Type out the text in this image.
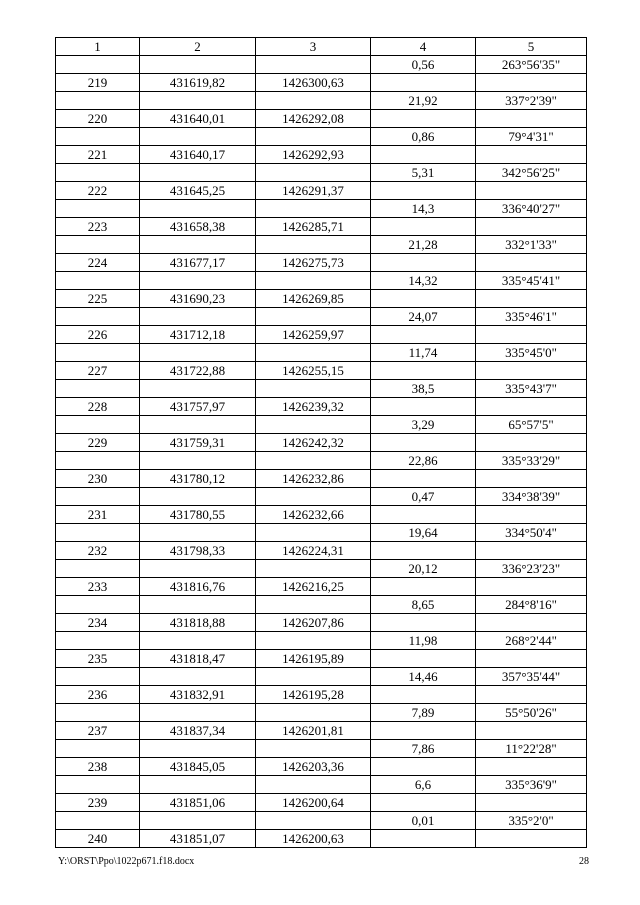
1	2	3	4	5
			0,56	263°56'35"
219	431619,82	1426300,63		
			21,92	337°2'39"
220	431640,01	1426292,08		
			0,86	79°4'31"
221	431640,17	1426292,93		
			5,31	342°56'25"
222	431645,25	1426291,37		
			14,3	336°40'27"
223	431658,38	1426285,71		
			21,28	332°1'33"
224	431677,17	1426275,73		
			14,32	335°45'41"
225	431690,23	1426269,85		
			24,07	335°46'1"
226	431712,18	1426259,97		
			11,74	335°45'0"
227	431722,88	1426255,15		
			38,5	335°43'7"
228	431757,97	1426239,32		
			3,29	65°57'5"
229	431759,31	1426242,32		
			22,86	335°33'29"
230	431780,12	1426232,86		
			0,47	334°38'39"
231	431780,55	1426232,66		
			19,64	334°50'4"
232	431798,33	1426224,31		
			20,12	336°23'23"
233	431816,76	1426216,25		
			8,65	284°8'16"
234	431818,88	1426207,86		
			11,98	268°2'44"
235	431818,47	1426195,89		
			14,46	357°35'44"
236	431832,91	1426195,28		
			7,89	55°50'26"
237	431837,34	1426201,81		
			7,86	11°22'28"
238	431845,05	1426203,36		
			6,6	335°36'9"
239	431851,06	1426200,64		
			0,01	335°2'0"
240	431851,07	1426200,63		
Y:\ORST\Ppo\1022p671.f18.docx	28
